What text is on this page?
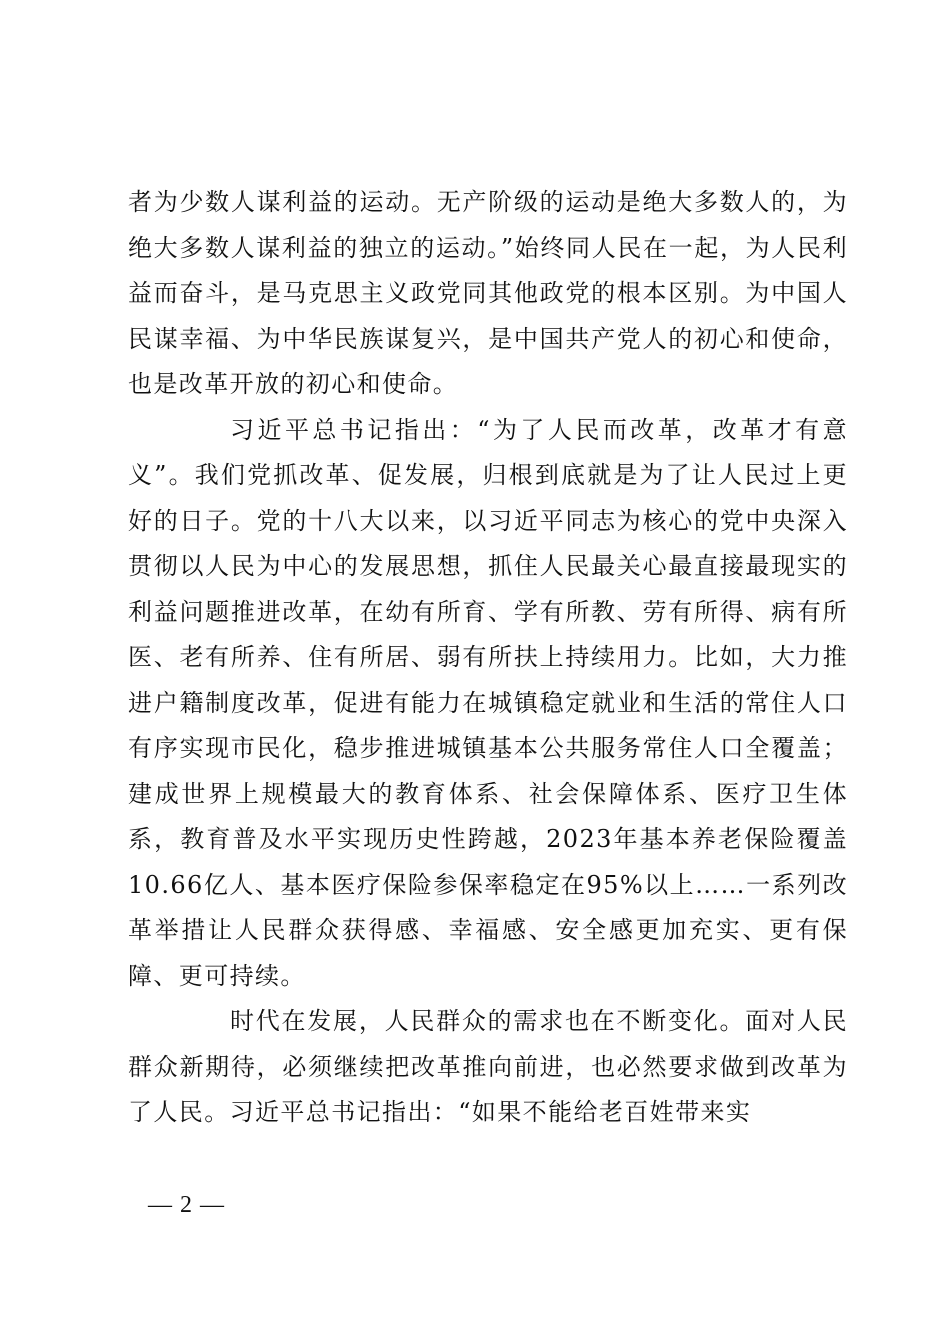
者为少数人谋利益的运动。无产阶级的运动是绝大多数人的，为绝大多数人谋利益的独立的运动。”始终同人民在一起，为人民利益而奋斗，是马克思主义政党同其他政党的根本区别。为中国人民谋幸福、为中华民族谋复兴，是中国共产党人的初心和使命，也是改革开放的初心和使命。

习近平总书记指出：“为了人民而改革，改革才有意义”。我们党抓改革、促发展，归根到底就是为了让人民过上更好的日子。党的十八大以来，以习近平同志为核心的党中央深入贯彻以人民为中心的发展思想，抓住人民最关心最直接最现实的利益问题推进改革，在幼有所育、学有所教、劳有所得、病有所医、老有所养、住有所居、弱有所扶上持续用力。比如，大力推进户籍制度改革，促进有能力在城镇稳定就业和生活的常住人口有序实现市民化，稳步推进城镇基本公共服务常住人口全覆盖；建成世界上规模最大的教育体系、社会保障体系、医疗卫生体系，教育普及水平实现历史性跨越，2023年基本养老保险覆盖10.66亿人、基本医疗保险参保率稳定在95%以上……一系列改革举措让人民群众获得感、幸福感、安全感更加充实、更有保障、更可持续。

时代在发展，人民群众的需求也在不断变化。面对人民群众新期待，必须继续把改革推向前进，也必然要求做到改革为了人民。习近平总书记指出：“如果不能给老百姓带来实

— 2 —
